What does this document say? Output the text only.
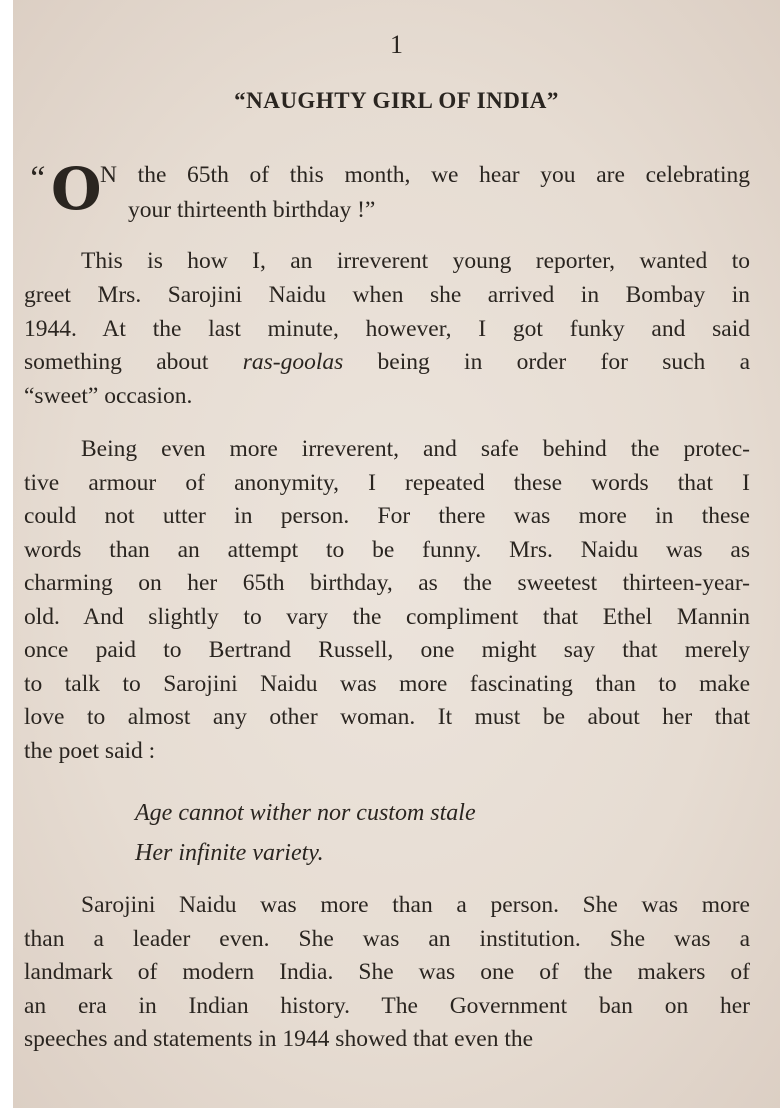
1
“NAUGHTY GIRL OF INDIA”
“ O
N the 65th of this month, we hear you are celebrating
your thirteenth birthday !”
This is how I, an irreverent young reporter, wanted to
greet Mrs. Sarojini Naidu when she arrived in Bombay in
1944. At the last minute, however, I got funky and said
something about ras-goolas being in order for such a
“sweet” occasion.
Being even more irreverent, and safe behind the protec-
tive armour of anonymity, I repeated these words that I
could not utter in person. For there was more in these
words than an attempt to be funny. Mrs. Naidu was as
charming on her 65th birthday, as the sweetest thirteen-year-
old. And slightly to vary the compliment that Ethel Mannin
once paid to Bertrand Russell, one might say that merely
to talk to Sarojini Naidu was more fascinating than to make
love to almost any other woman. It must be about her that
the poet said :
Sarojini Naidu was more than a person. She was more
than a leader even. She was an institution. She was a
landmark of modern India. She was one of the makers of
an era in Indian history. The Government ban on her
speeches and statements in 1944 showed that even the
Age cannot wither nor custom stale
Her infinite variety.
